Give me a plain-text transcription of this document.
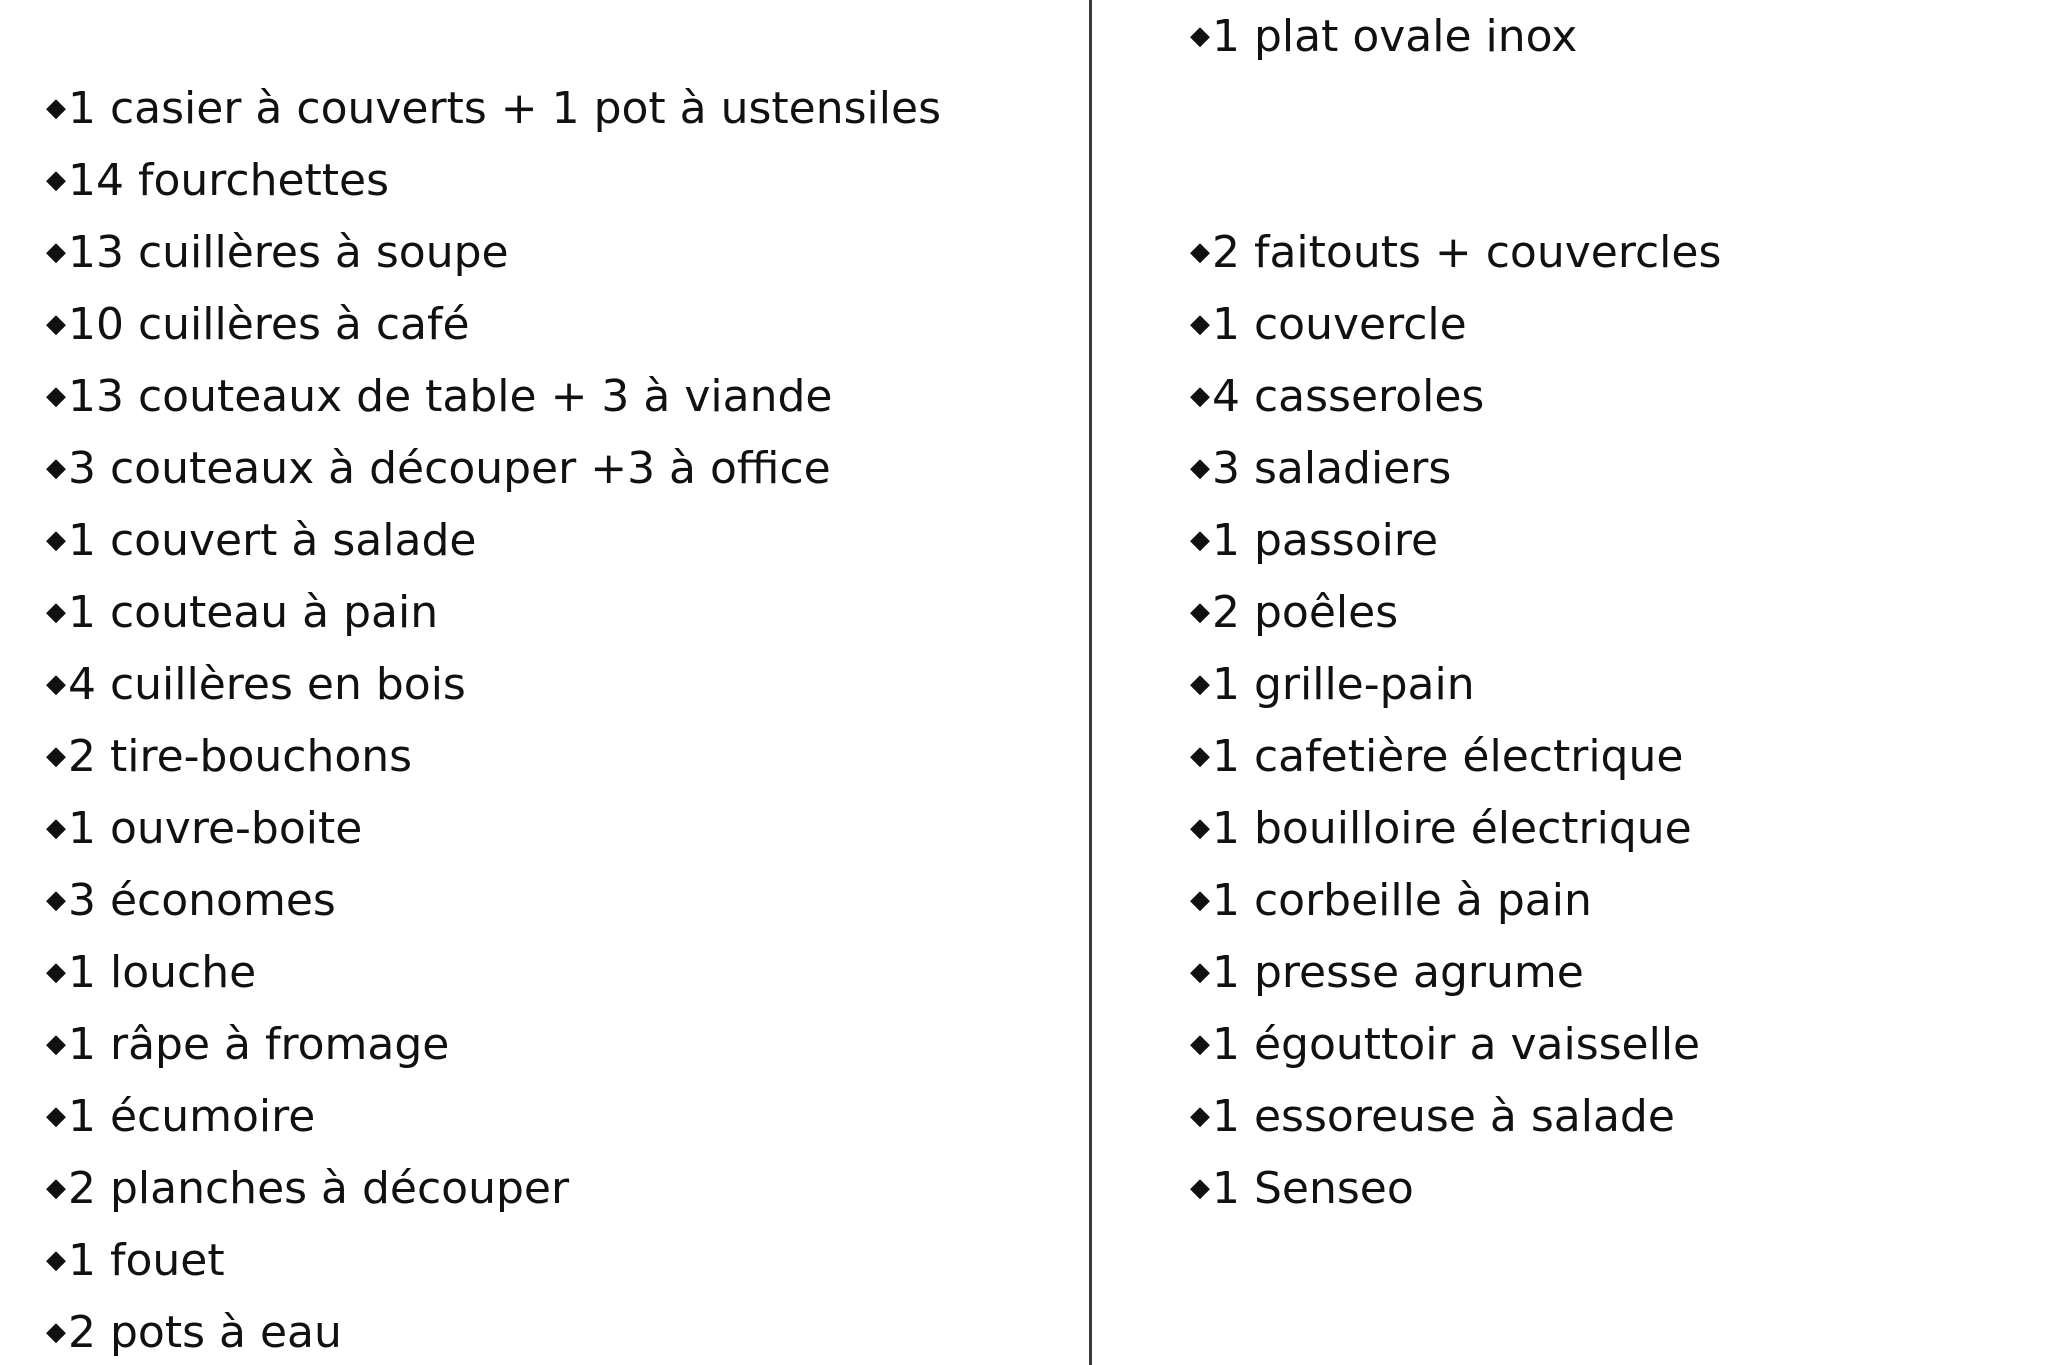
◆1 casier à couverts + 1 pot à ustensiles
◆14 fourchettes
◆13 cuillères à soupe
◆10 cuillères à café
◆13 couteaux de table + 3 à viande
◆3 couteaux à découper +3 à office
◆1 couvert à salade
◆1 couteau à pain
◆4 cuillères en bois
◆2 tire-bouchons
◆1 ouvre-boite
◆3 économes
◆1 louche
◆1 râpe à fromage
◆1 écumoire
◆2 planches à découper
◆1 fouet
◆2 pots à eau
◆1 plat ovale inox
◆2 faitouts + couvercles
◆1 couvercle
◆4 casseroles
◆3 saladiers
◆1 passoire
◆2 poêles
◆1 grille-pain
◆1 cafetière électrique
◆1 bouilloire électrique
◆1 corbeille à pain
◆1 presse agrume
◆1 égouttoir a vaisselle
◆1 essoreuse à salade
◆1 Senseo
